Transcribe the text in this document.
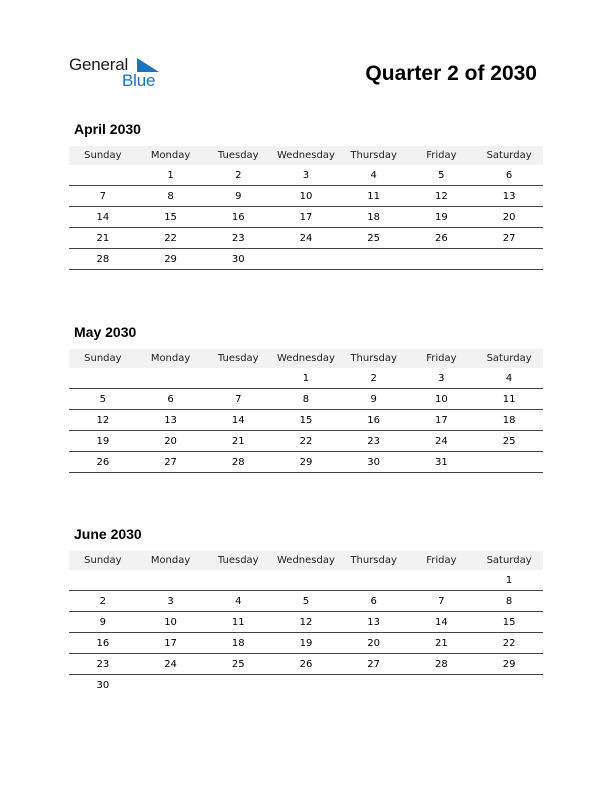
General
Blue	Quarter 2 of 2030
April 2030
Sunday	Monday	Tuesday	Wednesday	Thursday	Friday	Saturday
	1	2	3	4	5	6
7	8	9	10	11	12	13
14	15	16	17	18	19	20
21	22	23	24	25	26	27
28	29	30				
May 2030
Sunday	Monday	Tuesday	Wednesday	Thursday	Friday	Saturday
			1	2	3	4
5	6	7	8	9	10	11
12	13	14	15	16	17	18
19	20	21	22	23	24	25
26	27	28	29	30	31	
June 2030
Sunday	Monday	Tuesday	Wednesday	Thursday	Friday	Saturday
						1
2	3	4	5	6	7	8
9	10	11	12	13	14	15
16	17	18	19	20	21	22
23	24	25	26	27	28	29
30						
